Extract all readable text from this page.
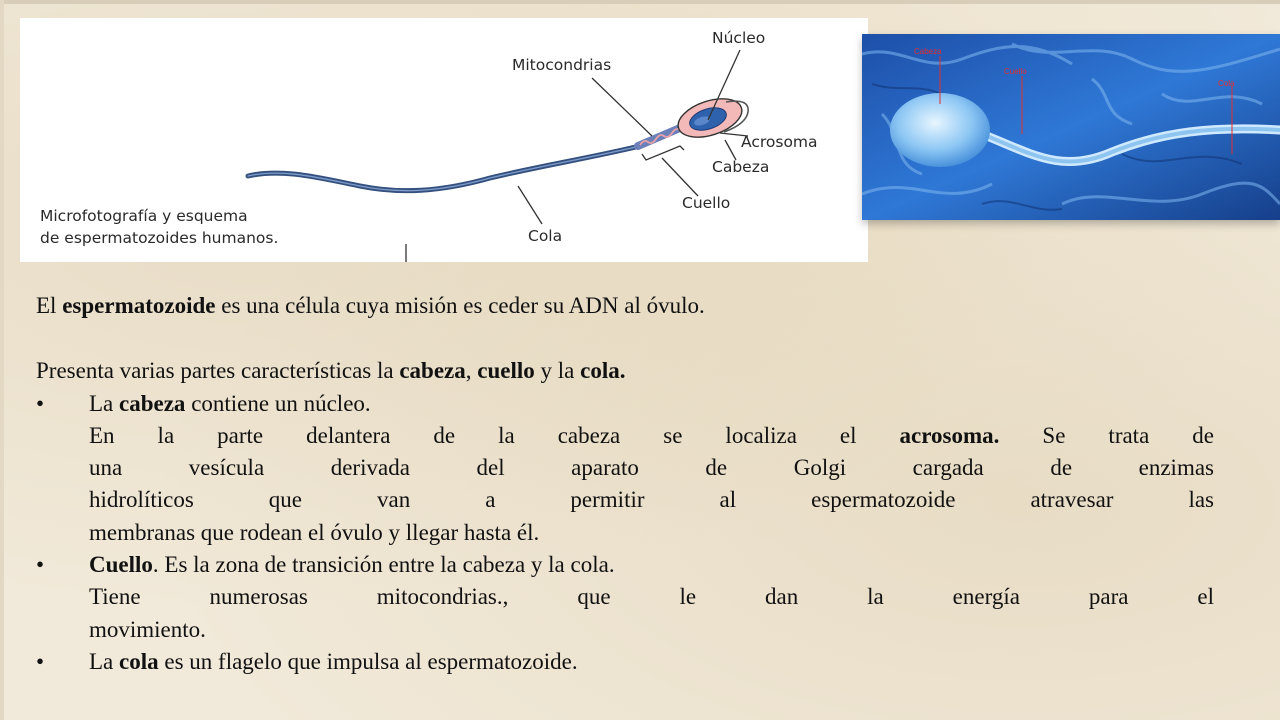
Núcleo
Mitocondrias
Acrosoma
Cabeza
Cuello
Cola
Microfotografía y esquema
de espermatozoides humanos.
Cabeza
Cuello
Cola

El espermatozoide es una célula cuya misión es ceder su ADN al óvulo.

Presenta varias partes características la cabeza, cuello y la cola.

•	La cabeza contiene un núcleo.

En la parte delantera de la cabeza se localiza el acrosoma. Se trata de

una vesícula derivada del aparato de Golgi cargada de enzimas

hidrolíticos que van a permitir al espermatozoide atravesar las

membranas que rodean el óvulo y llegar hasta él.

•	Cuello. Es la zona de transición entre la cabeza y la cola.

Tiene numerosas mitocondrias., que le dan la energía para el

movimiento.

•	La cola es un flagelo que impulsa al espermatozoide.
